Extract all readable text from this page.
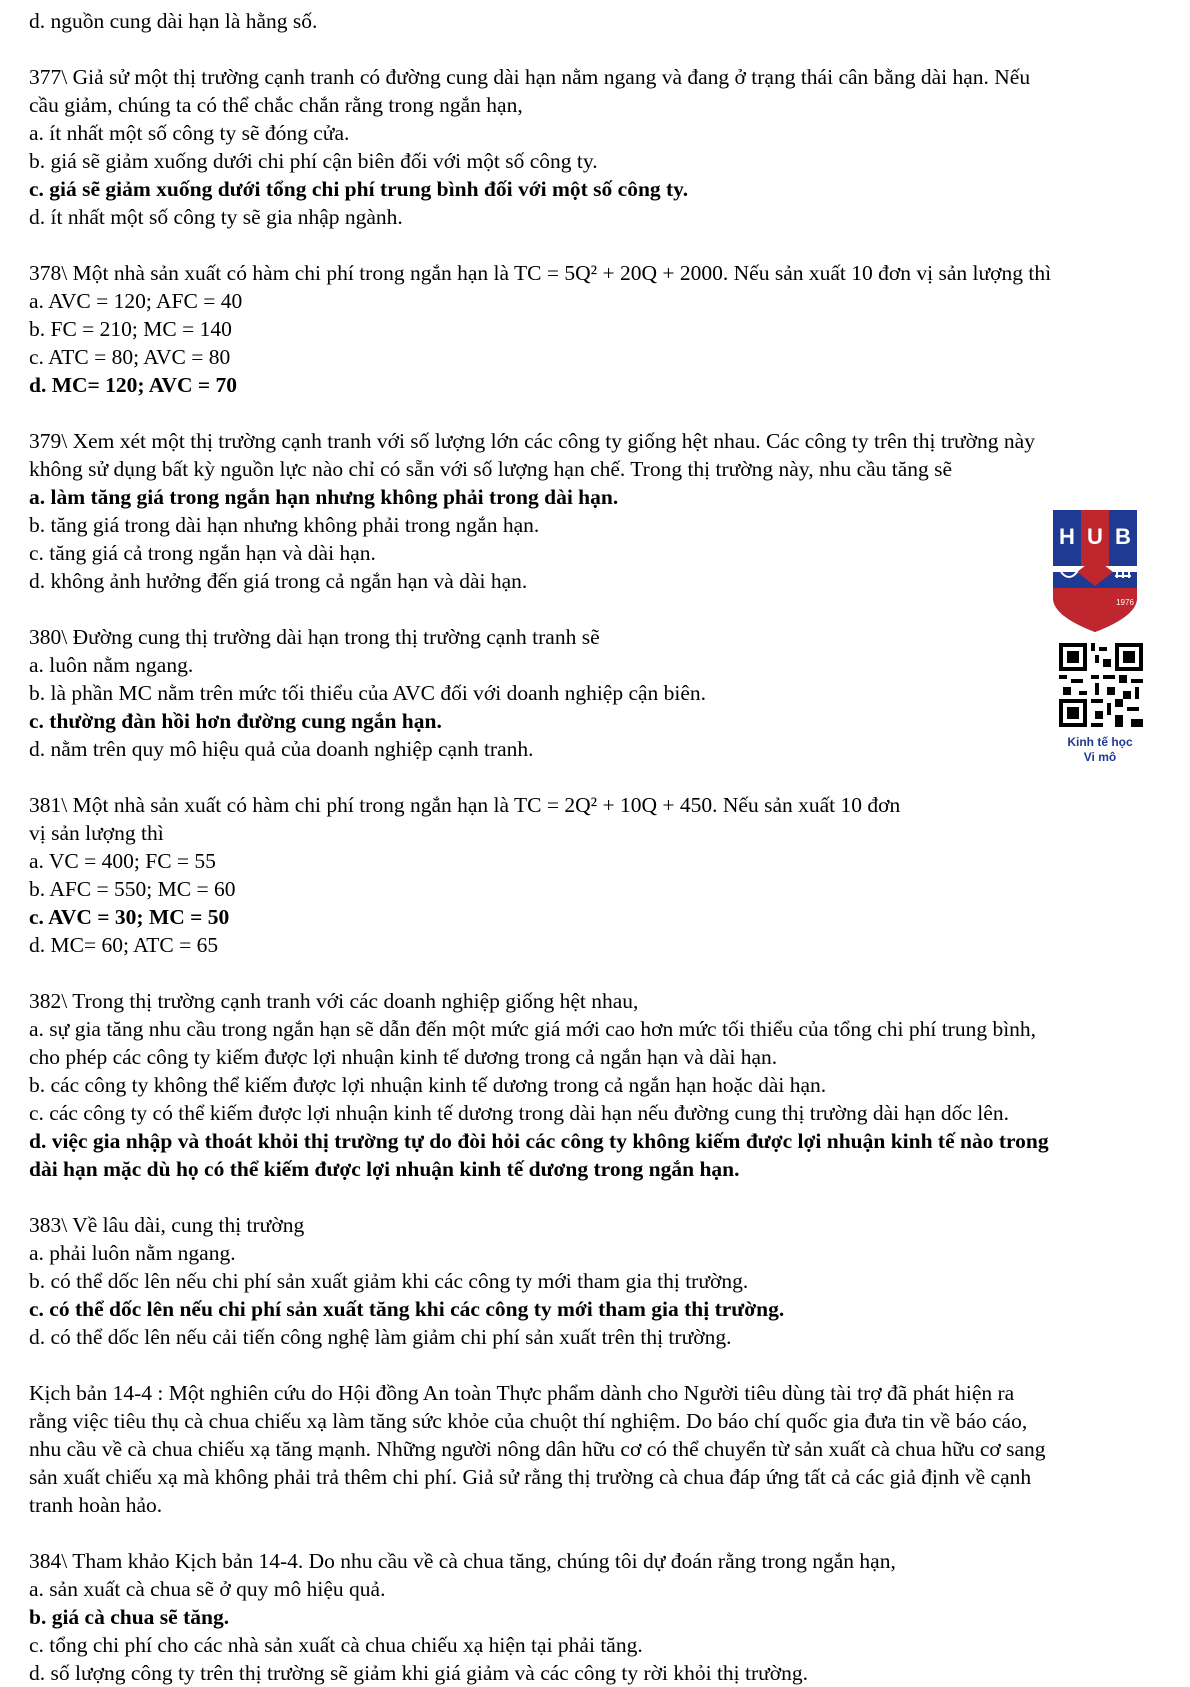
d. nguồn cung dài hạn là hằng số.
377\ Giả sử một thị trường cạnh tranh có đường cung dài hạn nằm ngang và đang ở trạng thái cân bằng dài hạn. Nếu
cầu giảm, chúng ta có thể chắc chắn rằng trong ngắn hạn,
a. ít nhất một số công ty sẽ đóng cửa.
b. giá sẽ giảm xuống dưới chi phí cận biên đối với một số công ty.
c. giá sẽ giảm xuống dưới tổng chi phí trung bình đối với một số công ty.
d. ít nhất một số công ty sẽ gia nhập ngành.
378\ Một nhà sản xuất có hàm chi phí trong ngắn hạn là TC = 5Q² + 20Q + 2000. Nếu sản xuất 10 đơn vị sản lượng thì
a. AVC = 120; AFC = 40
b. FC = 210; MC = 140
c. ATC = 80; AVC = 80
d. MC= 120; AVC = 70
379\ Xem xét một thị trường cạnh tranh với số lượng lớn các công ty giống hệt nhau. Các công ty trên thị trường này
không sử dụng bất kỳ nguồn lực nào chỉ có sẵn với số lượng hạn chế. Trong thị trường này, nhu cầu tăng sẽ
a. làm tăng giá trong ngắn hạn nhưng không phải trong dài hạn.
b. tăng giá trong dài hạn nhưng không phải trong ngắn hạn.
c. tăng giá cả trong ngắn hạn và dài hạn.
d. không ảnh hưởng đến giá trong cả ngắn hạn và dài hạn.
380\ Đường cung thị trường dài hạn trong thị trường cạnh tranh sẽ
a. luôn nằm ngang.
b. là phần MC nằm trên mức tối thiểu của AVC đối với doanh nghiệp cận biên.
c. thường đàn hồi hơn đường cung ngắn hạn.
d. nằm trên quy mô hiệu quả của doanh nghiệp cạnh tranh.
381\ Một nhà sản xuất có hàm chi phí trong ngắn hạn là TC = 2Q² + 10Q + 450. Nếu sản xuất 10 đơn
vị sản lượng thì
a. VC = 400; FC = 55
b. AFC = 550; MC = 60
c. AVC = 30; MC = 50
d. MC= 60; ATC = 65
382\ Trong thị trường cạnh tranh với các doanh nghiệp giống hệt nhau,
a. sự gia tăng nhu cầu trong ngắn hạn sẽ dẫn đến một mức giá mới cao hơn mức tối thiểu của tổng chi phí trung bình,
cho phép các công ty kiếm được lợi nhuận kinh tế dương trong cả ngắn hạn và dài hạn.
b. các công ty không thể kiếm được lợi nhuận kinh tế dương trong cả ngắn hạn hoặc dài hạn.
c. các công ty có thể kiếm được lợi nhuận kinh tế dương trong dài hạn nếu đường cung thị trường dài hạn dốc lên.
d. việc gia nhập và thoát khỏi thị trường tự do đòi hỏi các công ty không kiếm được lợi nhuận kinh tế nào trong
dài hạn mặc dù họ có thể kiếm được lợi nhuận kinh tế dương trong ngắn hạn.
383\ Về lâu dài, cung thị trường
a. phải luôn nằm ngang.
b. có thể dốc lên nếu chi phí sản xuất giảm khi các công ty mới tham gia thị trường.
c. có thể dốc lên nếu chi phí sản xuất tăng khi các công ty mới tham gia thị trường.
d. có thể dốc lên nếu cải tiến công nghệ làm giảm chi phí sản xuất trên thị trường.
Kịch bản 14-4 : Một nghiên cứu do Hội đồng An toàn Thực phẩm dành cho Người tiêu dùng tài trợ đã phát hiện ra
rằng việc tiêu thụ cà chua chiếu xạ làm tăng sức khỏe của chuột thí nghiệm. Do báo chí quốc gia đưa tin về báo cáo,
nhu cầu về cà chua chiếu xạ tăng mạnh. Những người nông dân hữu cơ có thể chuyển từ sản xuất cà chua hữu cơ sang
sản xuất chiếu xạ mà không phải trả thêm chi phí. Giả sử rằng thị trường cà chua đáp ứng tất cả các giả định về cạnh
tranh hoàn hảo.
384\ Tham khảo Kịch bản 14-4. Do nhu cầu về cà chua tăng, chúng tôi dự đoán rằng trong ngắn hạn,
a. sản xuất cà chua sẽ ở quy mô hiệu quả.
b. giá cà chua sẽ tăng.
c. tổng chi phí cho các nhà sản xuất cà chua chiếu xạ hiện tại phải tăng.
d. số lượng công ty trên thị trường sẽ giảm khi giá giảm và các công ty rời khỏi thị trường.
H U B
1976
Kinh tế học
Vi mô
